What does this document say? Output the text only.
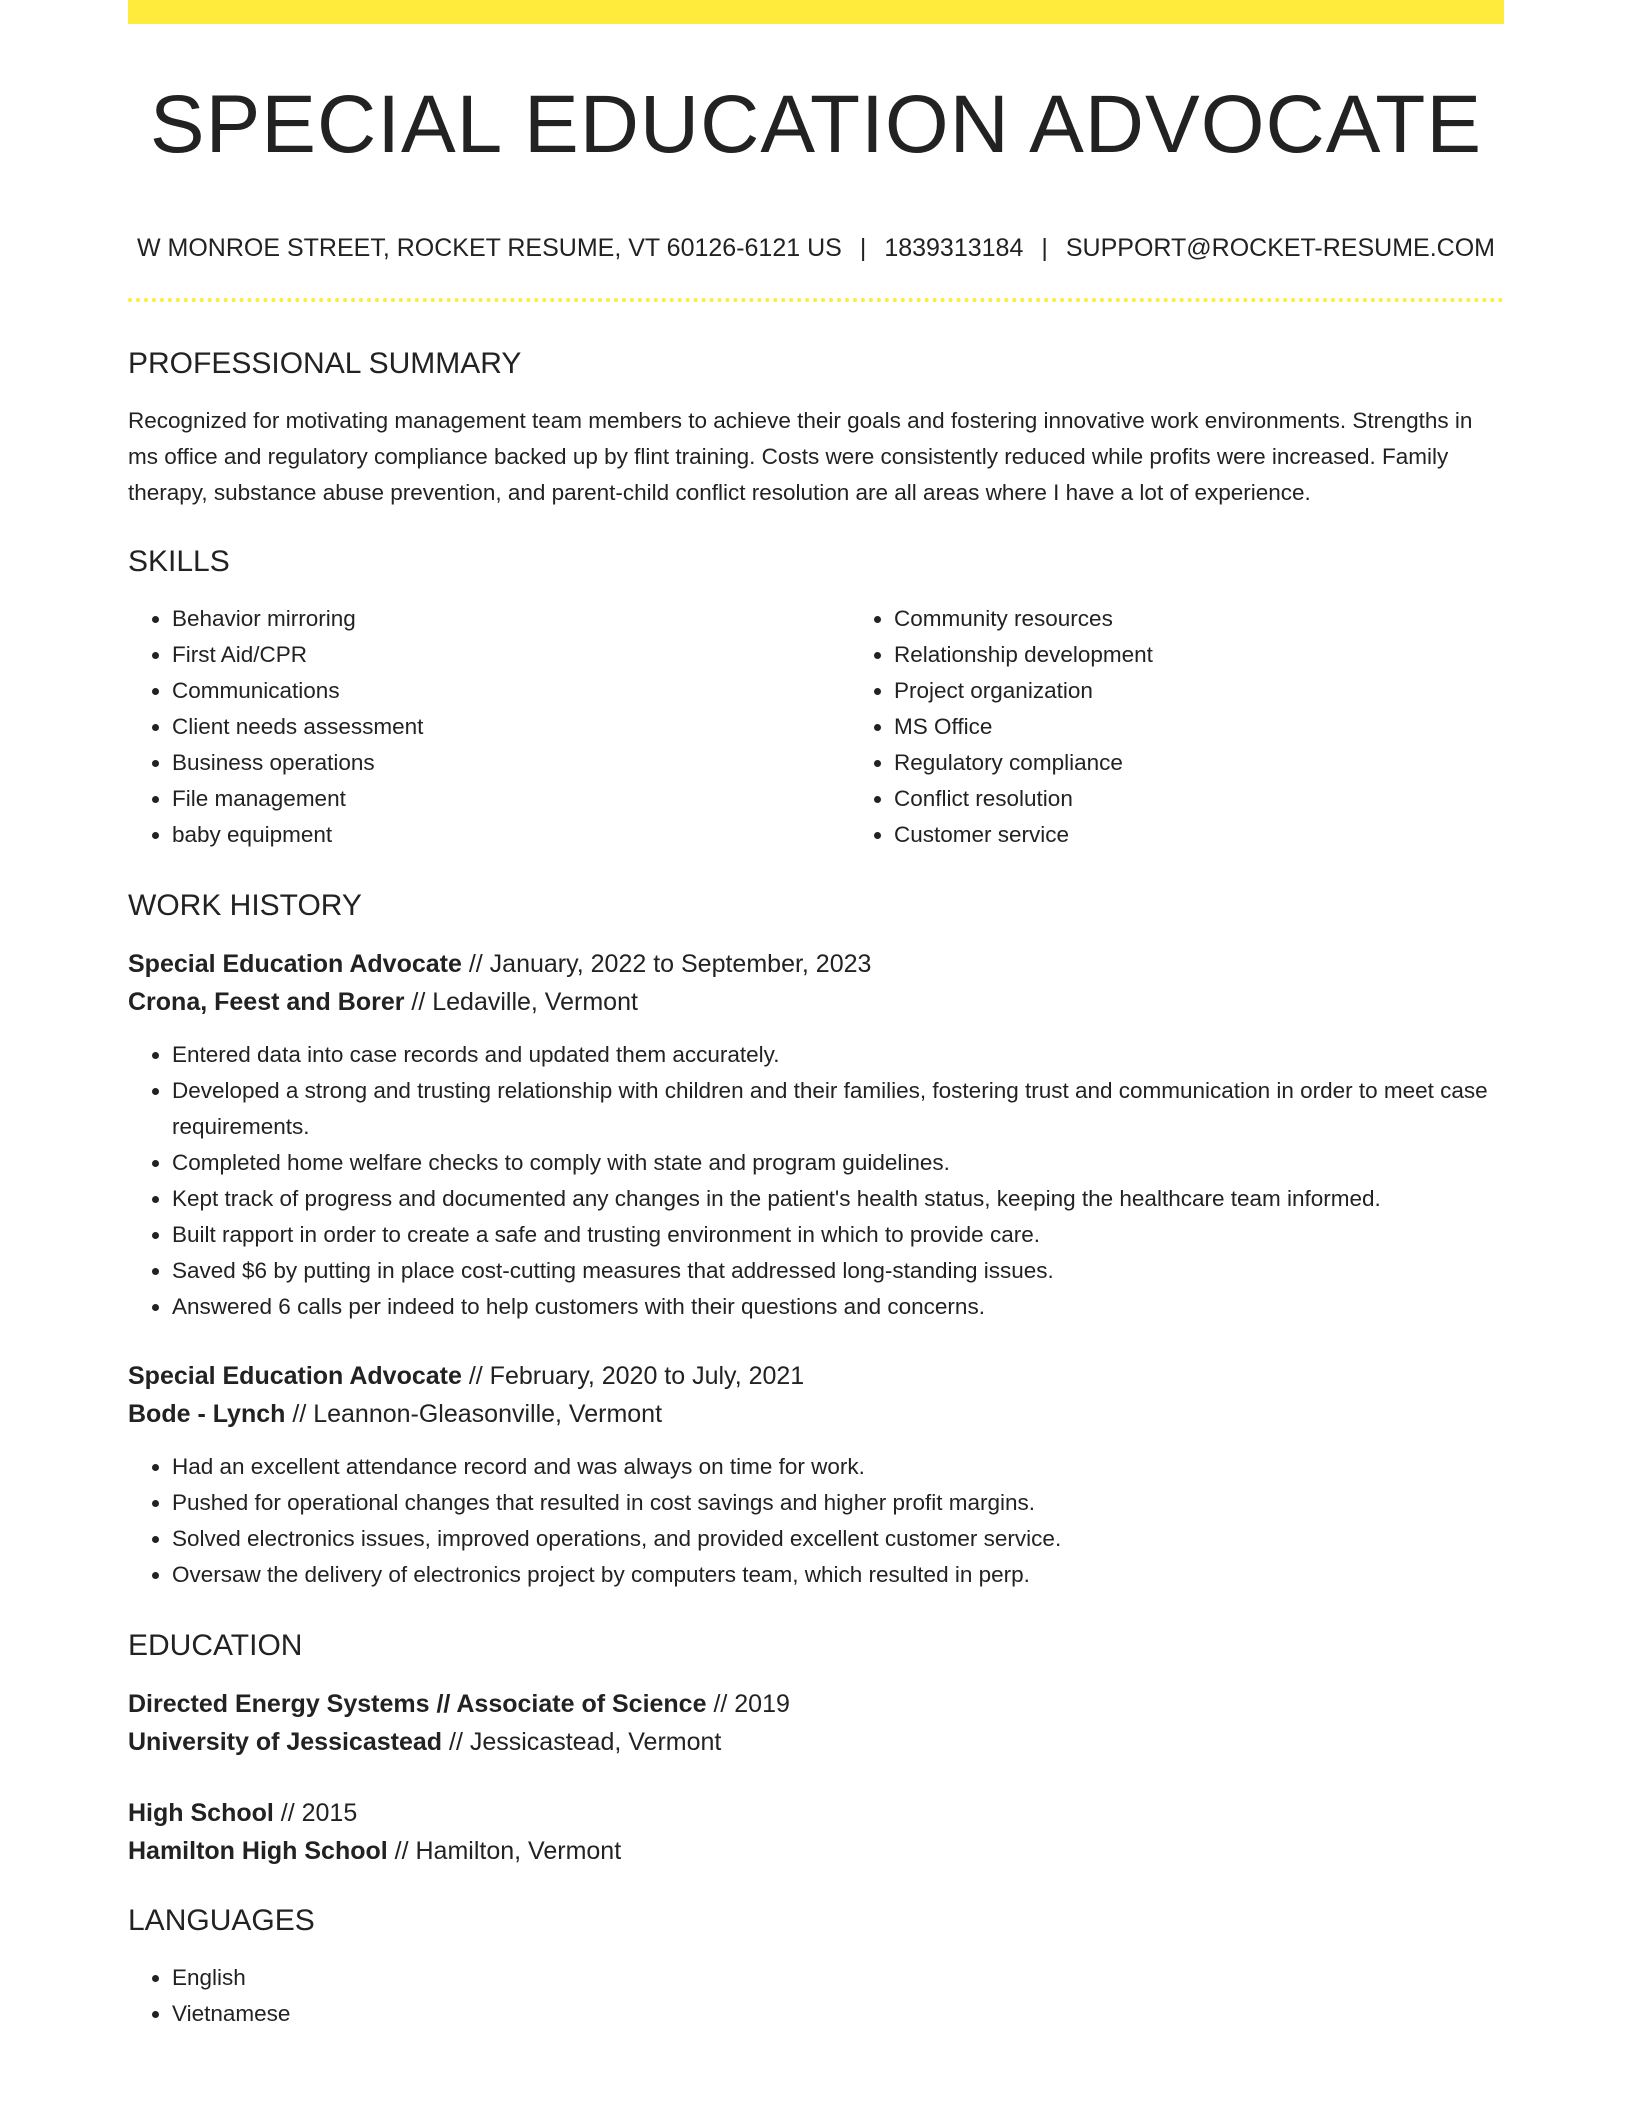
SPECIAL EDUCATION ADVOCATE
W MONROE STREET, ROCKET RESUME, VT 60126-6121 US | 1839313184 | SUPPORT@ROCKET-RESUME.COM
PROFESSIONAL SUMMARY

Recognized for motivating management team members to achieve their goals and fostering innovative work environments. Strengths in ms office and regulatory compliance backed up by flint training. Costs were consistently reduced while profits were increased. Family therapy, substance abuse prevention, and parent-child conflict resolution are all areas where I have a lot of experience.

SKILLS
• Behavior mirroring
• First Aid/CPR
• Communications
• Client needs assessment
• Business operations
• File management
• baby equipment
• Community resources
• Relationship development
• Project organization
• MS Office
• Regulatory compliance
• Conflict resolution
• Customer service
WORK HISTORY

Special Education Advocate // January, 2022 to September, 2023

Crona, Feest and Borer // Ledaville, Vermont

• Entered data into case records and updated them accurately.
• Developed a strong and trusting relationship with children and their families, fostering trust and communication in order to meet case requirements.
• Completed home welfare checks to comply with state and program guidelines.
• Kept track of progress and documented any changes in the patient's health status, keeping the healthcare team informed.
• Built rapport in order to create a safe and trusting environment in which to provide care.
• Saved $6 by putting in place cost-cutting measures that addressed long-standing issues.
• Answered 6 calls per indeed to help customers with their questions and concerns.

Special Education Advocate // February, 2020 to July, 2021

Bode - Lynch // Leannon-Gleasonville, Vermont

• Had an excellent attendance record and was always on time for work.
• Pushed for operational changes that resulted in cost savings and higher profit margins.
• Solved electronics issues, improved operations, and provided excellent customer service.
• Oversaw the delivery of electronics project by computers team, which resulted in perp.
EDUCATION

Directed Energy Systems // Associate of Science // 2019

University of Jessicastead // Jessicastead, Vermont

High School // 2015

Hamilton High School // Hamilton, Vermont

LANGUAGES
• English
• Vietnamese
